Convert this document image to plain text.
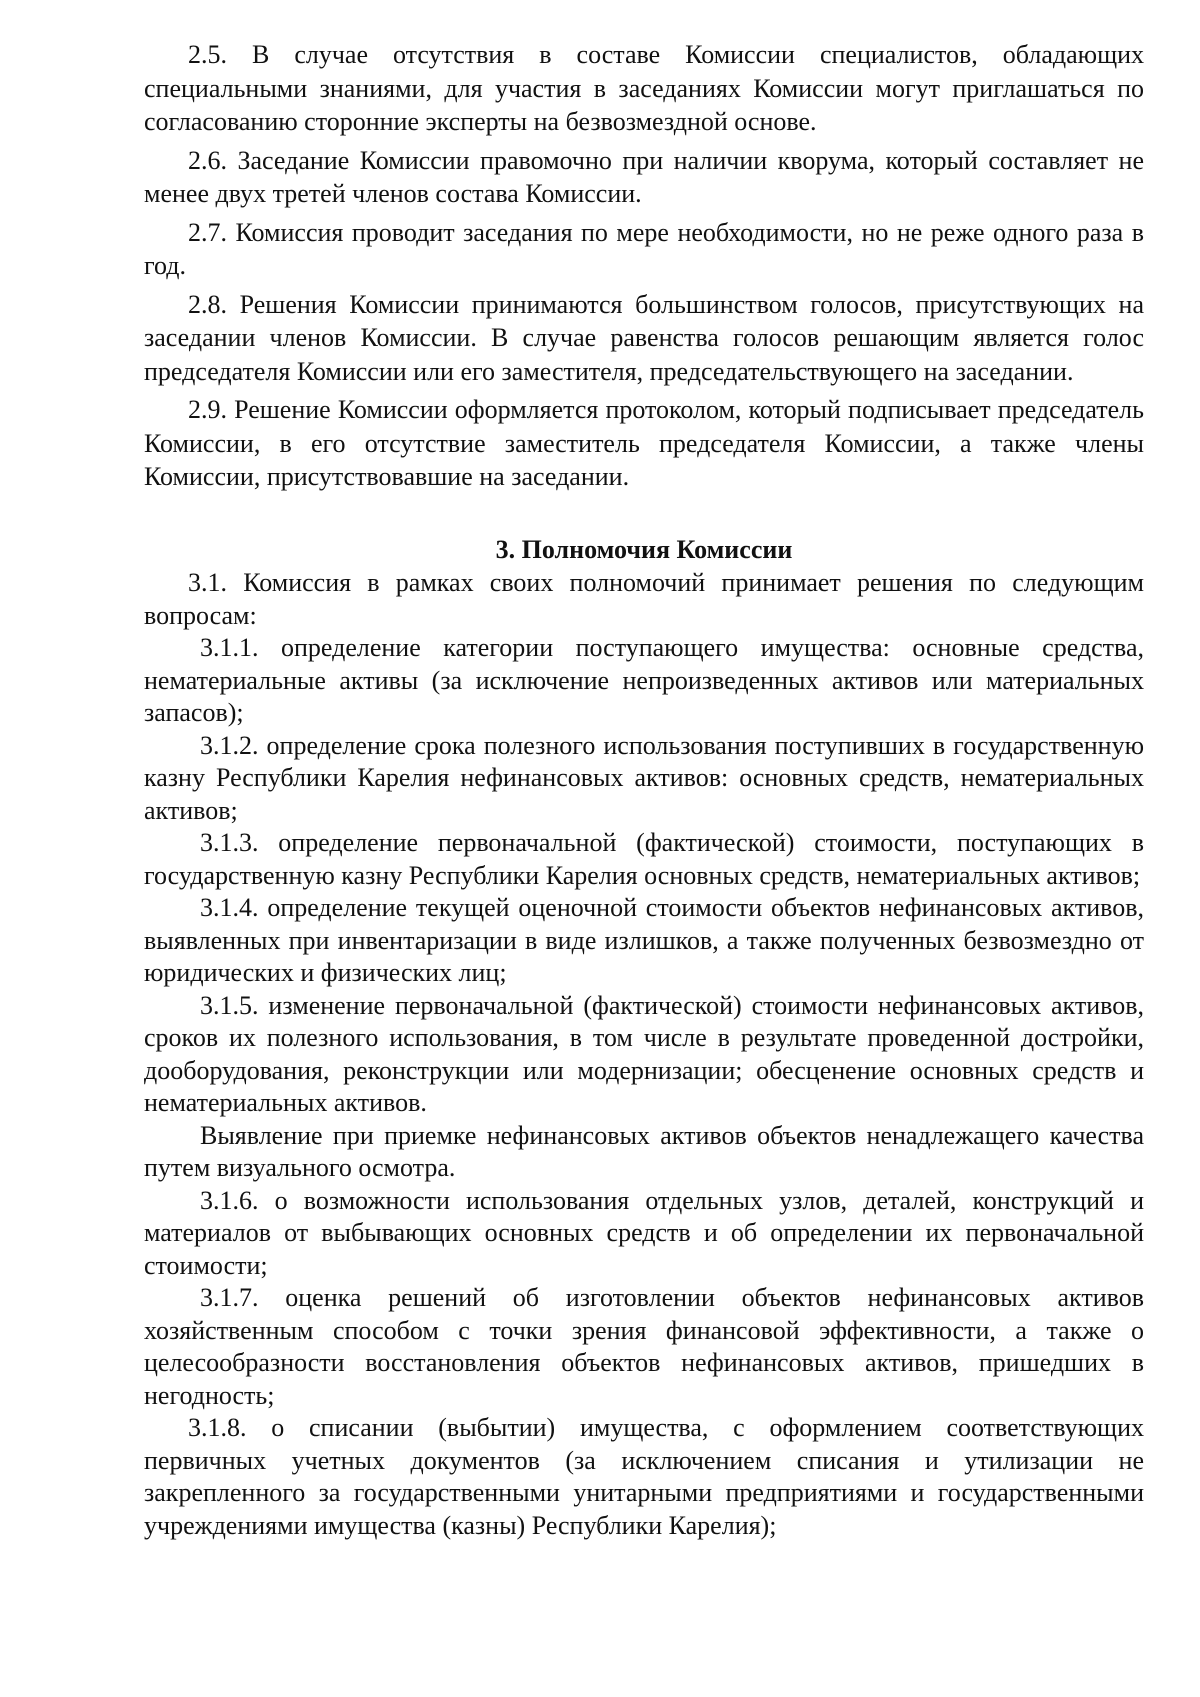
2.5. В случае отсутствия в составе Комиссии специалистов, обладающих специальными знаниями, для участия в заседаниях Комиссии могут приглашаться по согласованию сторонние эксперты на безвозмездной основе.

2.6. Заседание Комиссии правомочно при наличии кворума, который составляет не менее двух третей членов состава Комиссии.

2.7. Комиссия проводит заседания по мере необходимости, но не реже одного раза в год.

2.8. Решения Комиссии принимаются большинством голосов, присутствующих на заседании членов Комиссии. В случае равенства голосов решающим является голос председателя Комиссии или его заместителя, председательствующего на заседании.

2.9. Решение Комиссии оформляется протоколом, который подписывает председатель Комиссии, в его отсутствие заместитель председателя Комиссии, а также члены Комиссии, присутствовавшие на заседании.

3. Полномочия Комиссии

3.1. Комиссия в рамках своих полномочий принимает решения по следующим вопросам:

3.1.1. определение категории поступающего имущества: основные средства, нематериальные активы (за исключение непроизведенных активов или материальных запасов);

3.1.2. определение срока полезного использования поступивших в государственную казну Республики Карелия нефинансовых активов: основных средств, нематериальных активов;

3.1.3. определение первоначальной (фактической) стоимости, поступающих в государственную казну Республики Карелия основных средств, нематериальных активов;

3.1.4. определение текущей оценочной стоимости объектов нефинансовых активов, выявленных при инвентаризации в виде излишков, а также полученных безвозмездно от юридических и физических лиц;

3.1.5. изменение первоначальной (фактической) стоимости нефинансовых активов, сроков их полезного использования, в том числе в результате проведенной достройки, дооборудования, реконструкции или модернизации; обесценение основных средств и нематериальных активов.

Выявление при приемке нефинансовых активов объектов ненадлежащего качества путем визуального осмотра.

3.1.6. о возможности использования отдельных узлов, деталей, конструкций и материалов от выбывающих основных средств и об определении их первоначальной стоимости;

3.1.7. оценка решений об изготовлении объектов нефинансовых активов хозяйственным способом с точки зрения финансовой эффективности, а также о целесообразности восстановления объектов нефинансовых активов, пришедших в негодность;

3.1.8. о списании (выбытии) имущества, с оформлением соответствующих первичных учетных документов (за исключением списания и утилизации не закрепленного за государственными унитарными предприятиями и государственными учреждениями имущества (казны) Республики Карелия);
